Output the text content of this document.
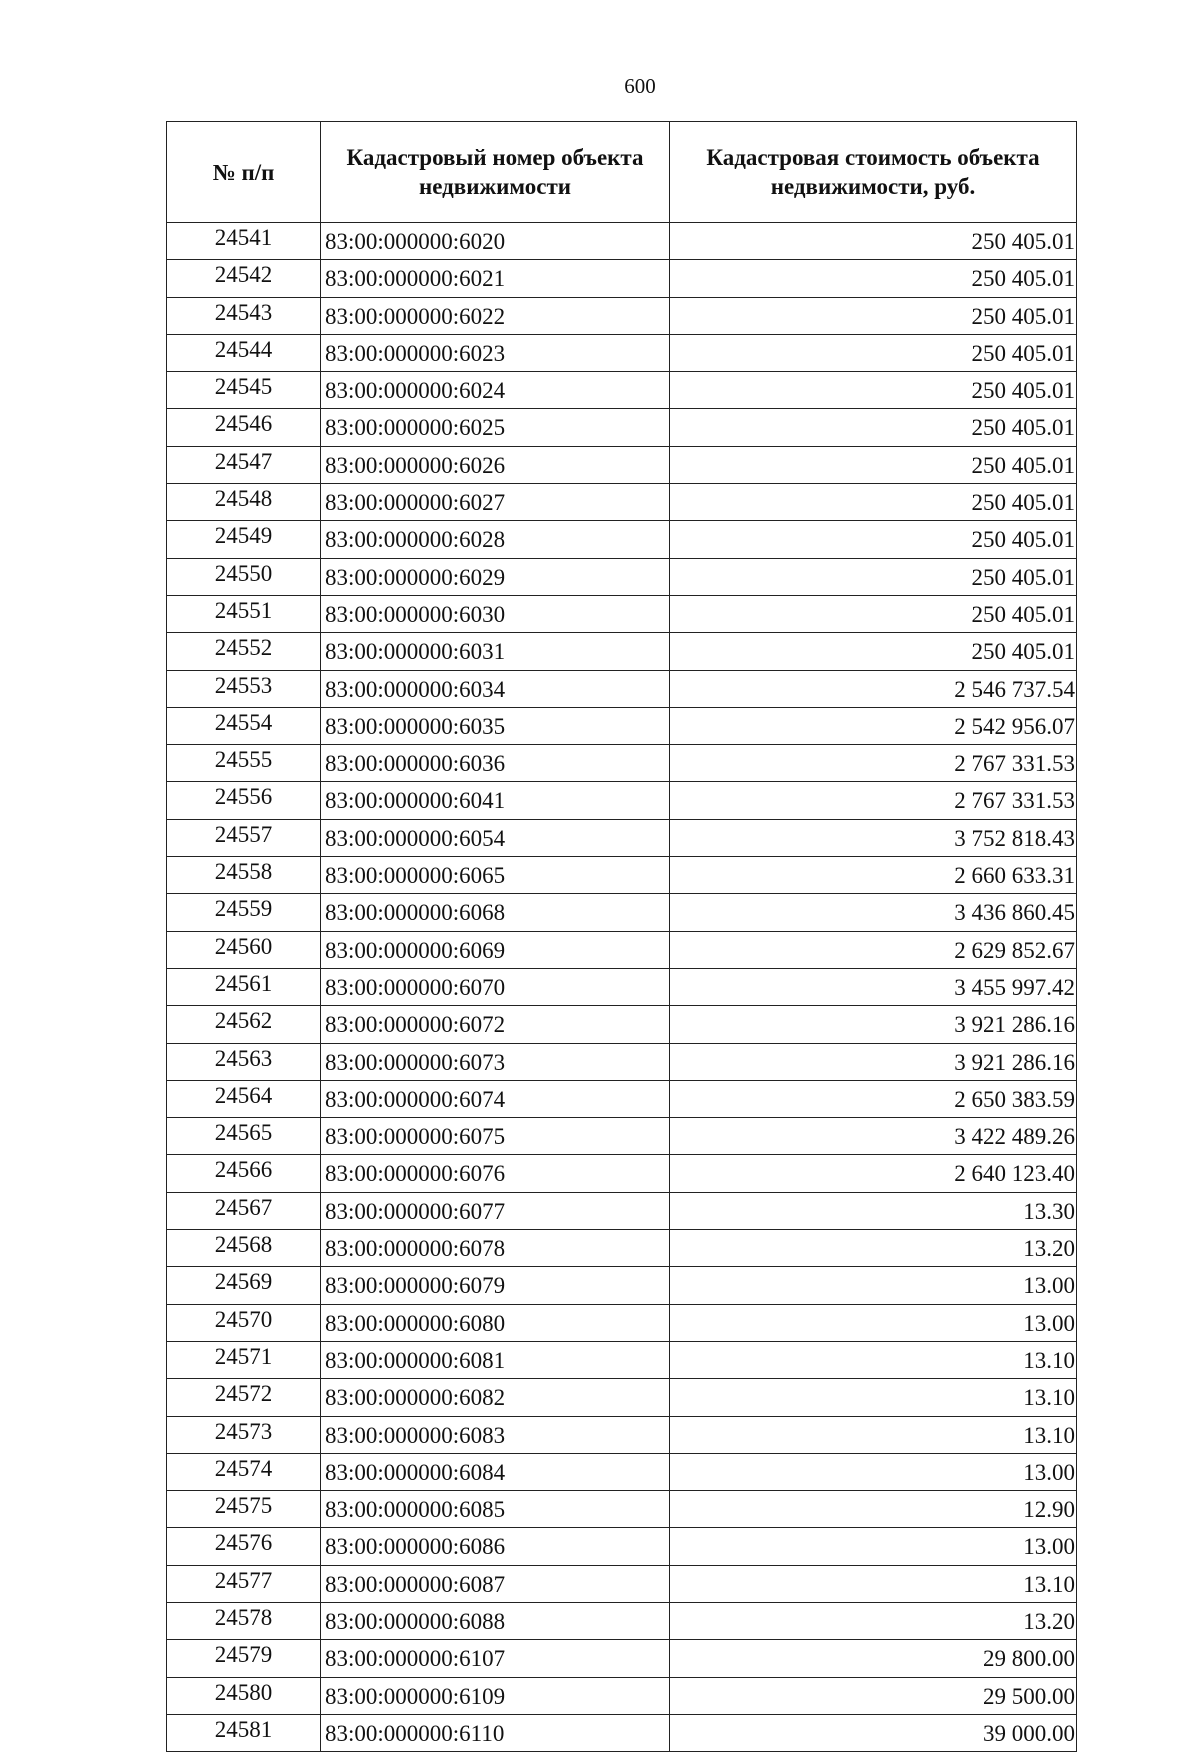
600
№ п/п	Кадастровый номер объекта недвижимости	Кадастровая стоимость объекта недвижимости, руб.
24541	83:00:000000:6020	250 405.01
24542	83:00:000000:6021	250 405.01
24543	83:00:000000:6022	250 405.01
24544	83:00:000000:6023	250 405.01
24545	83:00:000000:6024	250 405.01
24546	83:00:000000:6025	250 405.01
24547	83:00:000000:6026	250 405.01
24548	83:00:000000:6027	250 405.01
24549	83:00:000000:6028	250 405.01
24550	83:00:000000:6029	250 405.01
24551	83:00:000000:6030	250 405.01
24552	83:00:000000:6031	250 405.01
24553	83:00:000000:6034	2 546 737.54
24554	83:00:000000:6035	2 542 956.07
24555	83:00:000000:6036	2 767 331.53
24556	83:00:000000:6041	2 767 331.53
24557	83:00:000000:6054	3 752 818.43
24558	83:00:000000:6065	2 660 633.31
24559	83:00:000000:6068	3 436 860.45
24560	83:00:000000:6069	2 629 852.67
24561	83:00:000000:6070	3 455 997.42
24562	83:00:000000:6072	3 921 286.16
24563	83:00:000000:6073	3 921 286.16
24564	83:00:000000:6074	2 650 383.59
24565	83:00:000000:6075	3 422 489.26
24566	83:00:000000:6076	2 640 123.40
24567	83:00:000000:6077	13.30
24568	83:00:000000:6078	13.20
24569	83:00:000000:6079	13.00
24570	83:00:000000:6080	13.00
24571	83:00:000000:6081	13.10
24572	83:00:000000:6082	13.10
24573	83:00:000000:6083	13.10
24574	83:00:000000:6084	13.00
24575	83:00:000000:6085	12.90
24576	83:00:000000:6086	13.00
24577	83:00:000000:6087	13.10
24578	83:00:000000:6088	13.20
24579	83:00:000000:6107	29 800.00
24580	83:00:000000:6109	29 500.00
24581	83:00:000000:6110	39 000.00
